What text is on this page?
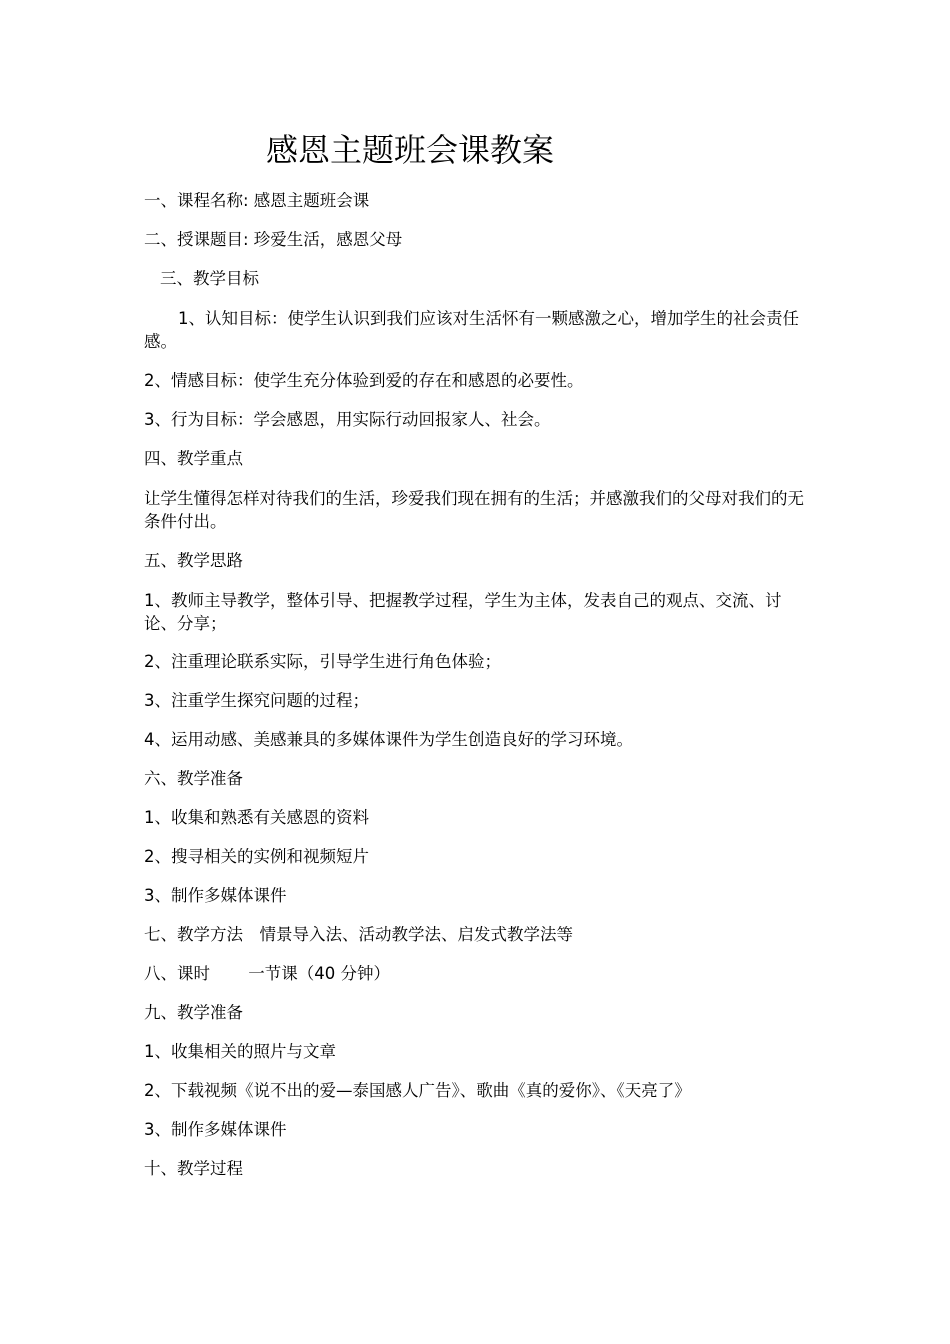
感恩主题班会课教案

一、课程名称: 感恩主题班会课

二、授课题目: 珍爱生活，感恩父母

三、教学目标

1、认知目标：使学生认识到我们应该对生活怀有一颗感激之心，增加学生的社会责任感。

2、情感目标：使学生充分体验到爱的存在和感恩的必要性。

3、行为目标：学会感恩，用实际行动回报家人、社会。

四、教学重点

让学生懂得怎样对待我们的生活，珍爱我们现在拥有的生活；并感激我们的父母对我们的无条件付出。

五、教学思路

1、教师主导教学，整体引导、把握教学过程，学生为主体，发表自己的观点、交流、讨论、分享；

2、注重理论联系实际，引导学生进行角色体验；

3、注重学生探究问题的过程；

4、运用动感、美感兼具的多媒体课件为学生创造良好的学习环境。

六、教学准备

1、收集和熟悉有关感恩的资料

2、搜寻相关的实例和视频短片

3、制作多媒体课件

七、教学方法　情景导入法、活动教学法、启发式教学法等

八、课时　　 一节课（40 分钟）

九、教学准备

1、收集相关的照片与文章

2、下载视频《说不出的爱—泰国感人广告》、歌曲《真的爱你》、《天亮了》

3、制作多媒体课件

十、教学过程
